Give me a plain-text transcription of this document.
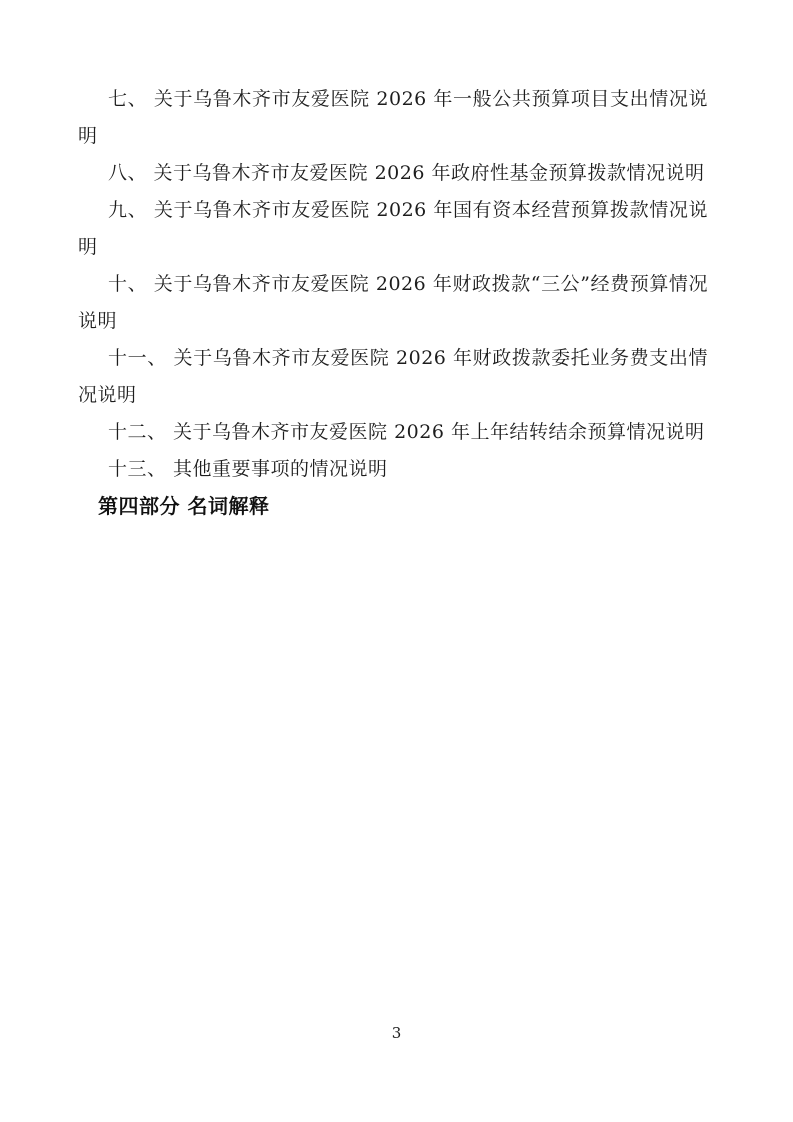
七、 关于乌鲁木齐市友爱医院 2026 年一般公共预算项目支出情况说明

八、 关于乌鲁木齐市友爱医院 2026 年政府性基金预算拨款情况说明

九、 关于乌鲁木齐市友爱医院 2026 年国有资本经营预算拨款情况说明

十、 关于乌鲁木齐市友爱医院 2026 年财政拨款“三公”经费预算情况说明

十一、 关于乌鲁木齐市友爱医院 2026 年财政拨款委托业务费支出情况说明

十二、 关于乌鲁木齐市友爱医院 2026 年上年结转结余预算情况说明

十三、 其他重要事项的情况说明

第四部分 名词解释

3
